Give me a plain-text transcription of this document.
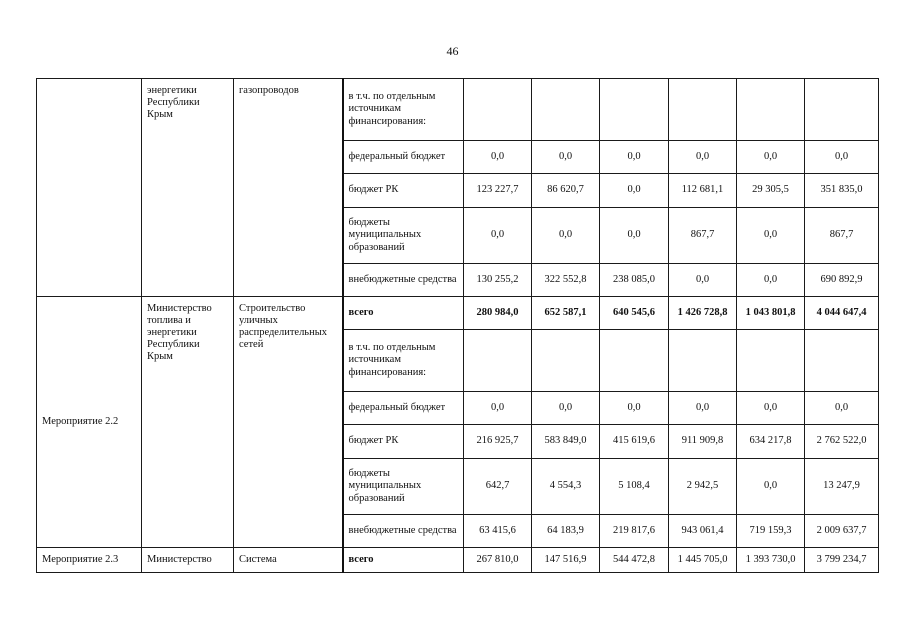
46
	энергетики Республики Крым	газопроводов	в т.ч. по отдельным источникам финансирования:						
			федеральный бюджет	0,0	0,0	0,0	0,0	0,0	0,0
			бюджет РК	123 227,7	86 620,7	0,0	112 681,1	29 305,5	351 835,0
			бюджеты муниципальных образований	0,0	0,0	0,0	867,7	0,0	867,7
			внебюджетные средства	130 255,2	322 552,8	238 085,0	0,0	0,0	690 892,9
Мероприятие 2.2	Министерство топлива и энергетики Республики Крым	Строительство уличных распределительных сетей	всего	280 984,0	652 587,1	640 545,6	1 426 728,8	1 043 801,8	4 044 647,4
			в т.ч. по отдельным источникам финансирования:						
			федеральный бюджет	0,0	0,0	0,0	0,0	0,0	0,0
			бюджет РК	216 925,7	583 849,0	415 619,6	911 909,8	634 217,8	2 762 522,0
			бюджеты муниципальных образований	642,7	4 554,3	5 108,4	2 942,5	0,0	13 247,9
			внебюджетные средства	63 415,6	64 183,9	219 817,6	943 061,4	719 159,3	2 009 637,7
Мероприятие 2.3	Министерство	Система	всего	267 810,0	147 516,9	544 472,8	1 445 705,0	1 393 730,0	3 799 234,7
